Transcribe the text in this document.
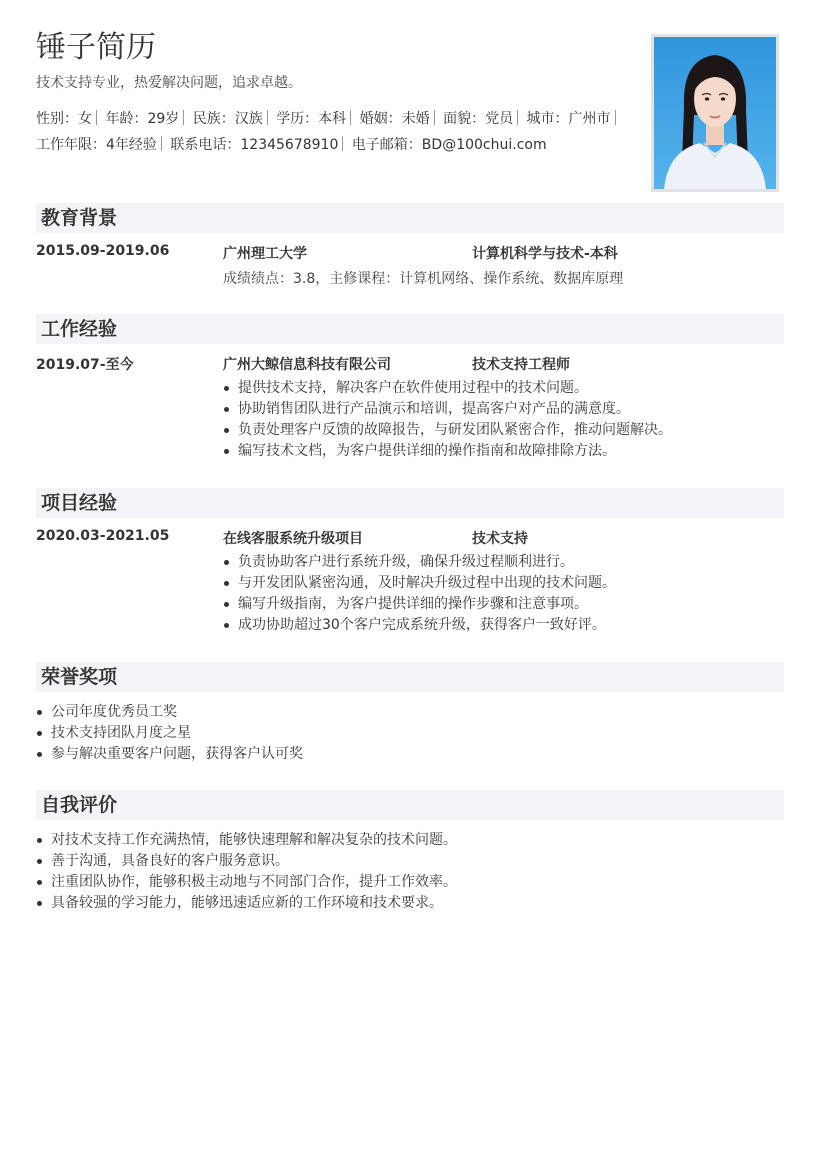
锤子简历
技术支持专业，热爱解决问题，追求卓越。
性别：女 年龄：29岁 民族：汉族 学历：本科 婚姻：未婚 面貌：党员 城市：广州市
工作年限：4年经验 联系电话：12345678910 电子邮箱：BD@100chui.com
教育背景
2015.09-2019.06	广州理工大学	计算机科学与技术-本科
成绩绩点：3.8，主修课程：计算机网络、操作系统、数据库原理
工作经验
2019.07-至今	广州大鲸信息科技有限公司	技术支持工程师
提供技术支持，解决客户在软件使用过程中的技术问题。
协助销售团队进行产品演示和培训，提高客户对产品的满意度。
负责处理客户反馈的故障报告，与研发团队紧密合作，推动问题解决。
编写技术文档，为客户提供详细的操作指南和故障排除方法。
项目经验
2020.03-2021.05	在线客服系统升级项目	技术支持
负责协助客户进行系统升级，确保升级过程顺利进行。
与开发团队紧密沟通，及时解决升级过程中出现的技术问题。
编写升级指南，为客户提供详细的操作步骤和注意事项。
成功协助超过30个客户完成系统升级，获得客户一致好评。
荣誉奖项
公司年度优秀员工奖
技术支持团队月度之星
参与解决重要客户问题，获得客户认可奖
自我评价
对技术支持工作充满热情，能够快速理解和解决复杂的技术问题。
善于沟通，具备良好的客户服务意识。
注重团队协作，能够积极主动地与不同部门合作，提升工作效率。
具备较强的学习能力，能够迅速适应新的工作环境和技术要求。
